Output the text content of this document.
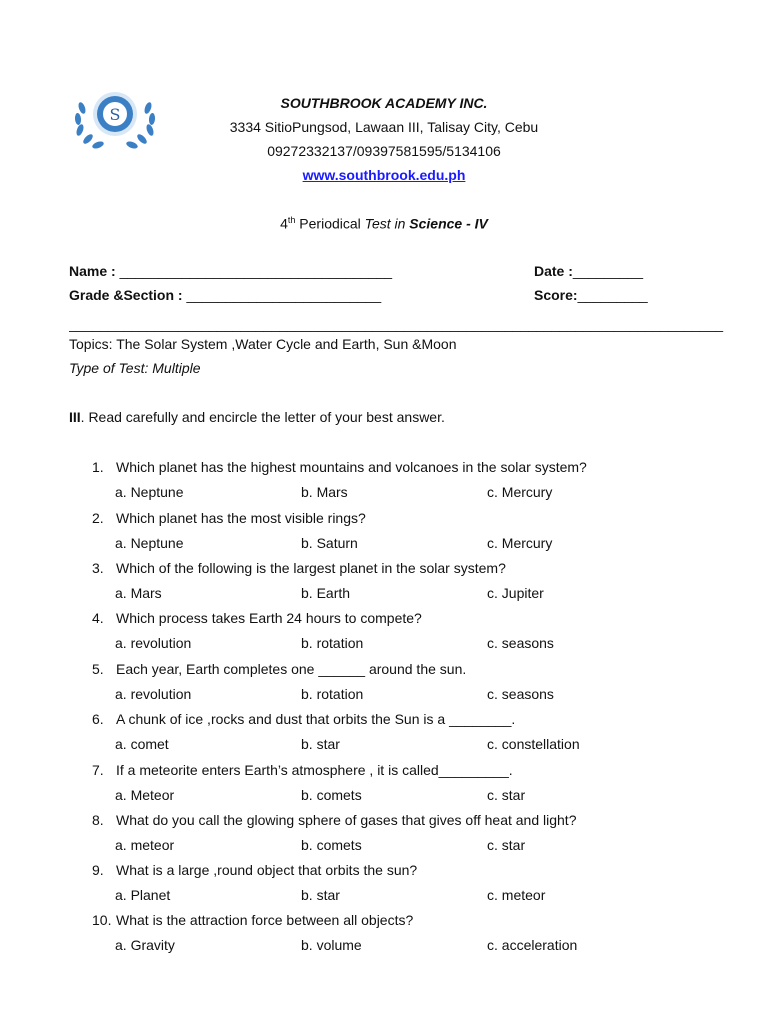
S
SOUTHBROOK ACADEMY INC.
3334 SitioPungsod, Lawaan III, Talisay City, Cebu
09272332137/09397581595/5134106
www.southbrook.edu.ph
4th Periodical Test in Science - IV
Name : ___________________________________	Date :_________
Grade &Section : _________________________	Score:_________
____________________________________________________________________________________
Topics: The Solar System ,Water Cycle and Earth, Sun &Moon
Type of Test: Multiple
III. Read carefully and encircle the letter of your best answer.
1. Which planet has the highest mountains and volcanoes in the solar system?
a. Neptune	b. Mars	c. Mercury
2. Which planet has the most visible rings?
a. Neptune	b. Saturn	c. Mercury
3. Which of the following is the largest planet in the solar system?
a. Mars	b. Earth	c. Jupiter
4. Which process takes Earth 24 hours to compete?
a. revolution	b. rotation	c. seasons
5. Each year, Earth completes one ______ around the sun.
a. revolution	b. rotation	c. seasons
6. A chunk of ice ,rocks and dust that orbits the Sun is a ________.
a. comet	b. star	c. constellation
7. If a meteorite enters Earth’s atmosphere , it is called_________.
a. Meteor	b. comets	c. star
8. What do you call the glowing sphere of gases that gives off heat and light?
a. meteor	b. comets	c. star
9. What is a large ,round object that orbits the sun?
a. Planet	b. star	c. meteor
10. What is the attraction force between all objects?
a. Gravity	b. volume	c. acceleration
